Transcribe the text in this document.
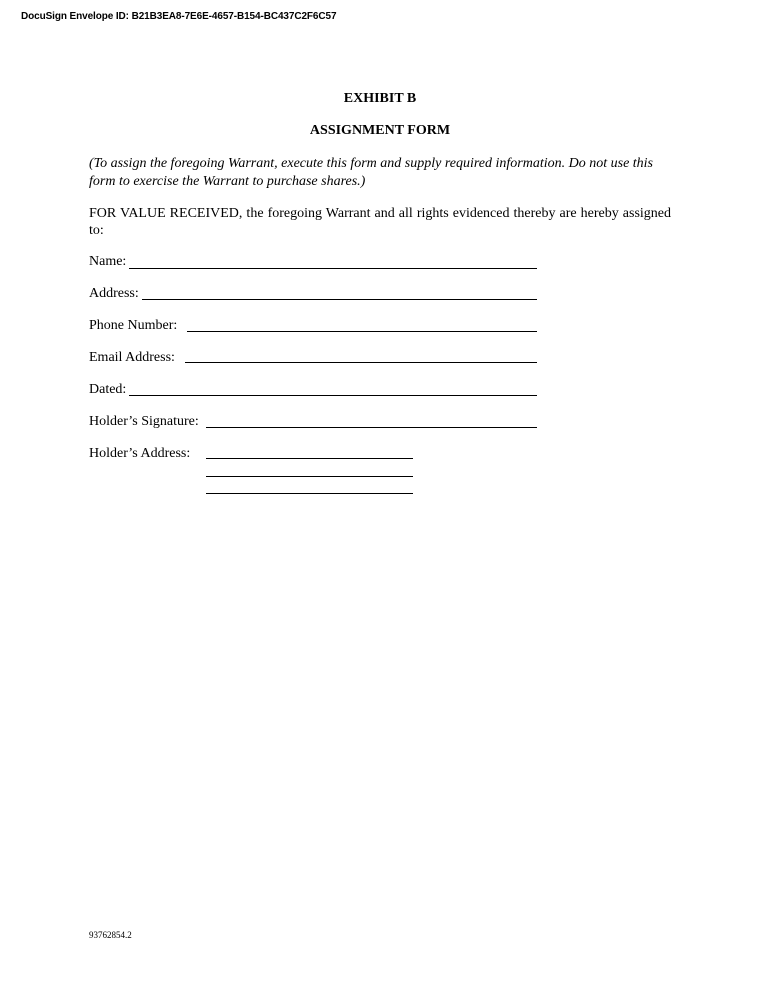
DocuSign Envelope ID: B21B3EA8-7E6E-4657-B154-BC437C2F6C57
EXHIBIT B
ASSIGNMENT FORM
(To assign the foregoing Warrant, execute this form and supply required information. Do not use this form to exercise the Warrant to purchase shares.)
FOR VALUE RECEIVED, the foregoing Warrant and all rights evidenced thereby are hereby assigned to:
Name:
Address:
Phone Number:
Email Address:
Dated:
Holder’s Signature:
Holder’s Address:
93762854.2
